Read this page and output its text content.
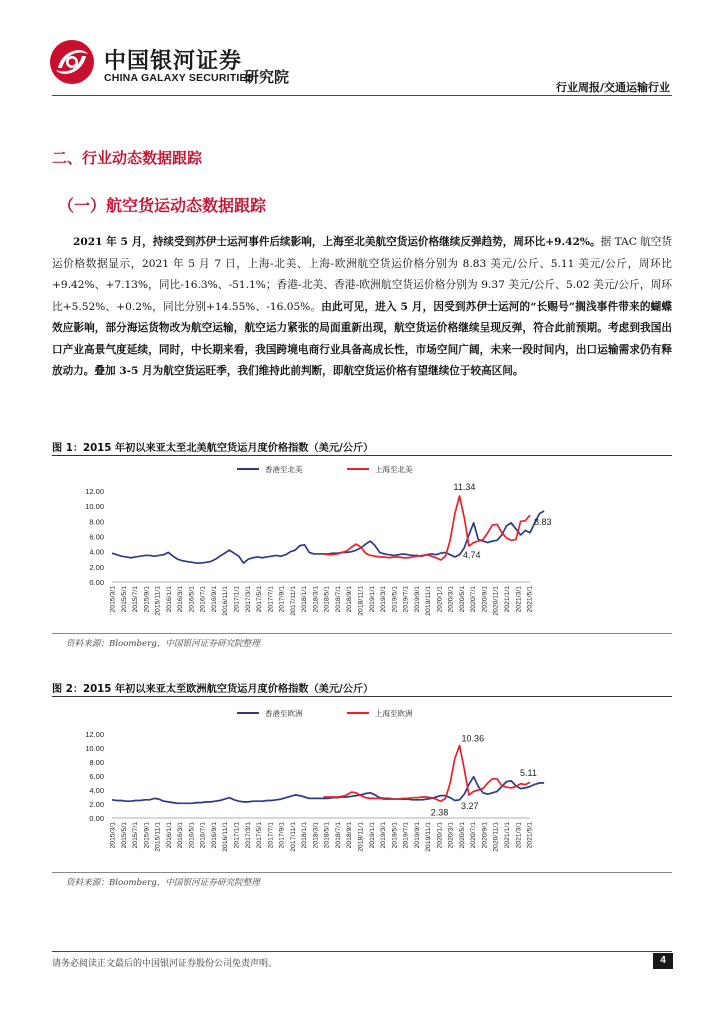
中国银河证券
CHINA GALAXY SECURITIES
研究院
行业周报/交通运输行业
二、行业动态数据跟踪
（一）航空货运动态数据跟踪
2021 年 5 月，持续受到苏伊士运河事件后续影响，上海至北美航空货运价格继续反弹趋势，周环比+9.42%。据 TAC 航空货运价格数据显示，2021 年 5 月 7 日，上海-北美、上海-欧洲航空货运价格分别为 8.83 美元/公斤、5.11 美元/公斤，周环比+9.42%、+7.13%，同比-16.3%、-51.1%；香港-北美、香港-欧洲航空货运价格分别为 9.37 美元/公斤、5.02 美元/公斤，周环比+5.52%、+0.2%，同比分别+14.55%、-16.05%。由此可见，进入 5 月，因受到苏伊士运河的“长赐号”搁浅事件带来的蝴蝶效应影响，部分海运货物改为航空运输，航空运力紧张的局面重新出现，航空货运价格继续呈现反弹，符合此前预期。考虑到我国出口产业高景气度延续，同时，中长期来看，我国跨境电商行业具备高成长性，市场空间广阔，未来一段时间内，出口运输需求仍有释放动力。叠加 3-5 月为航空货运旺季，我们维持此前判断，即航空货运价格有望继续位于较高区间。
图 1：2015 年初以来亚太至北美航空货运月度价格指数（美元/公斤）
0.00
2.00
4.00
6.00
8.00
10.00
12.00
2015/3/1 2015/5/1 2015/7/1 2015/9/1 2015/11/1 2016/1/1 2016/3/1 2016/5/1 2016/7/1 2016/9/1 2016/11/1 2017/1/1 2017/3/1 2017/5/1 2017/7/1 2017/9/1 2017/11/1 2018/1/1 2018/3/1 2018/5/1 2018/7/1 2018/9/1 2018/11/1 2019/1/1 2019/3/1 2019/5/1 2019/7/1 2019/9/1 2019/11/1 2020/1/1 2020/3/1 2020/5/1 2020/7/1 2020/9/1 2020/11/1 2021/1/1 2021/3/1 2021/5/1
香港至北美	上海至北美
11.34
4.74
8.83
资料来源：Bloomberg，中国银河证券研究院整理
图 2：2015 年初以来亚太至欧洲航空货运月度价格指数（美元/公斤）
0.00
2.00
4.00
6.00
8.00
10.00
12.00
2015/3/1 2015/5/1 2015/7/1 2015/9/1 2015/11/1 2016/1/1 2016/3/1 2016/5/1 2016/7/1 2016/9/1 2016/11/1 2017/1/1 2017/3/1 2017/5/1 2017/7/1 2017/9/1 2017/11/1 2018/1/1 2018/3/1 2018/5/1 2018/7/1 2018/9/1 2018/11/1 2019/1/1 2019/3/1 2019/5/1 2019/7/1 2019/9/1 2019/11/1 2020/1/1 2020/3/1 2020/5/1 2020/7/1 2020/9/1 2020/11/1 2021/1/1 2021/3/1 2021/5/1
香港至欧洲	上海至欧洲
10.36
2.38
3.27
5.11
资料来源：Bloomberg，中国银河证券研究院整理
请务必阅读正文最后的中国银河证券股份公司免责声明。	4
